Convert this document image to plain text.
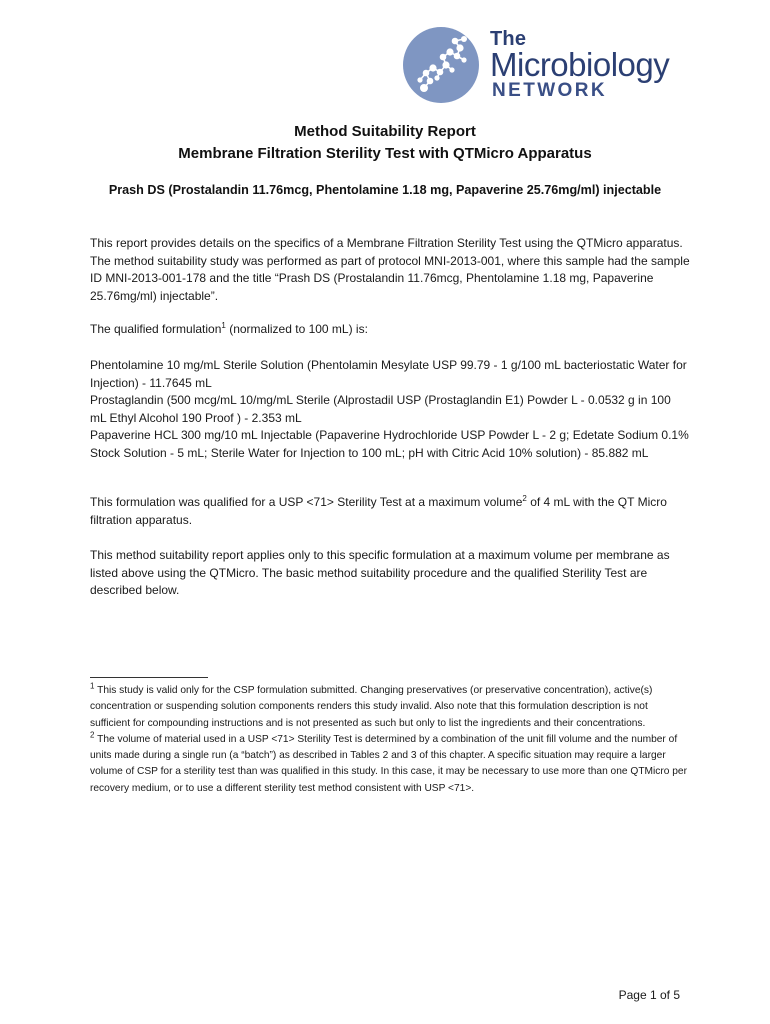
The
Microbiology
NETWORK
Method Suitability Report
Membrane Filtration Sterility Test with QTMicro Apparatus
Prash DS (Prostalandin 11.76mcg, Phentolamine 1.18 mg, Papaverine 25.76mg/ml) injectable

This report provides details on the specifics of a Membrane Filtration Sterility Test using the QTMicro apparatus. The method suitability study was performed as part of protocol MNI-2013-001, where this sample had the sample ID MNI-2013-001-178 and the title “Prash DS (Prostalandin 11.76mcg, Phentolamine 1.18 mg, Papaverine 25.76mg/ml) injectable”.

The qualified formulation$^1$ (normalized to 100 mL) is:

Phentolamine 10 mg/mL Sterile Solution (Phentolamin Mesylate USP 99.79 - 1 g/100 mL bacteriostatic Water for Injection) - 11.7645 mL

Prostaglandin (500 mcg/mL 10/mg/mL Sterile (Alprostadil USP (Prostaglandin E1) Powder L - 0.0532 g in 100 mL Ethyl Alcohol 190 Proof ) - 2.353 mL

Papaverine HCL 300 mg/10 mL Injectable (Papaverine Hydrochloride USP Powder L - 2 g; Edetate Sodium 0.1% Stock Solution - 5 mL; Sterile Water for Injection to 100 mL; pH with Citric Acid 10% solution) - 85.882 mL

This formulation was qualified for a USP <71> Sterility Test at a maximum volume$^2$ of 4 mL with the QT Micro filtration apparatus.

This method suitability report applies only to this specific formulation at a maximum volume per membrane as listed above using the QTMicro. The basic method suitability procedure and the qualified Sterility Test are described below.

$^1$ This study is valid only for the CSP formulation submitted. Changing preservatives (or preservative concentration), active(s) concentration or suspending solution components renders this study invalid. Also note that this formulation description is not sufficient for compounding instructions and is not presented as such but only to list the ingredients and their concentrations.

$^2$ The volume of material used in a USP <71> Sterility Test is determined by a combination of the unit fill volume and the number of units made during a single run (a “batch”) as described in Tables 2 and 3 of this chapter. A specific situation may require a larger volume of CSP for a sterility test than was qualified in this study. In this case, it may be necessary to use more than one QTMicro per recovery medium, or to use a different sterility test method consistent with USP <71>.

Page 1 of 5
